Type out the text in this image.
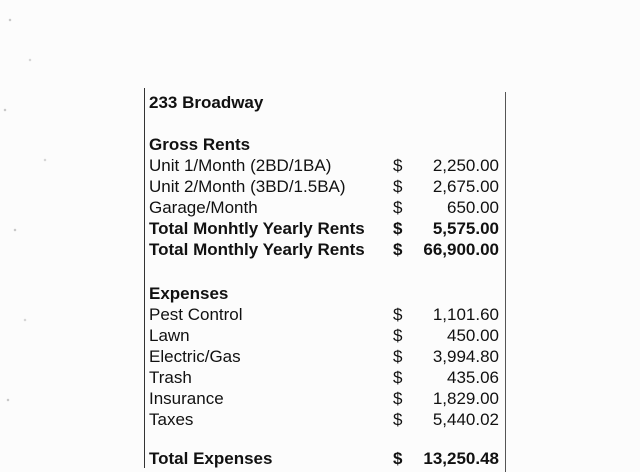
233 Broadway
Gross Rents
Unit 1/Month (2BD/1BA)	$ 2,250.00
Unit 2/Month (3BD/1.5BA)	$ 2,675.00
Garage/Month	$	650.00
Total Monhtly Yearly Rents $ 5,575.00
Total Monthly Yearly Rents $ 66,900.00
Expenses
Pest Control	$ 1,101.60
Lawn	$	450.00
Electric/Gas	$ 3,994.80
Trash	$	435.06
Insurance	$ 1,829.00
Taxes	$ 5,440.02
Total Expenses	$ 13,250.48
